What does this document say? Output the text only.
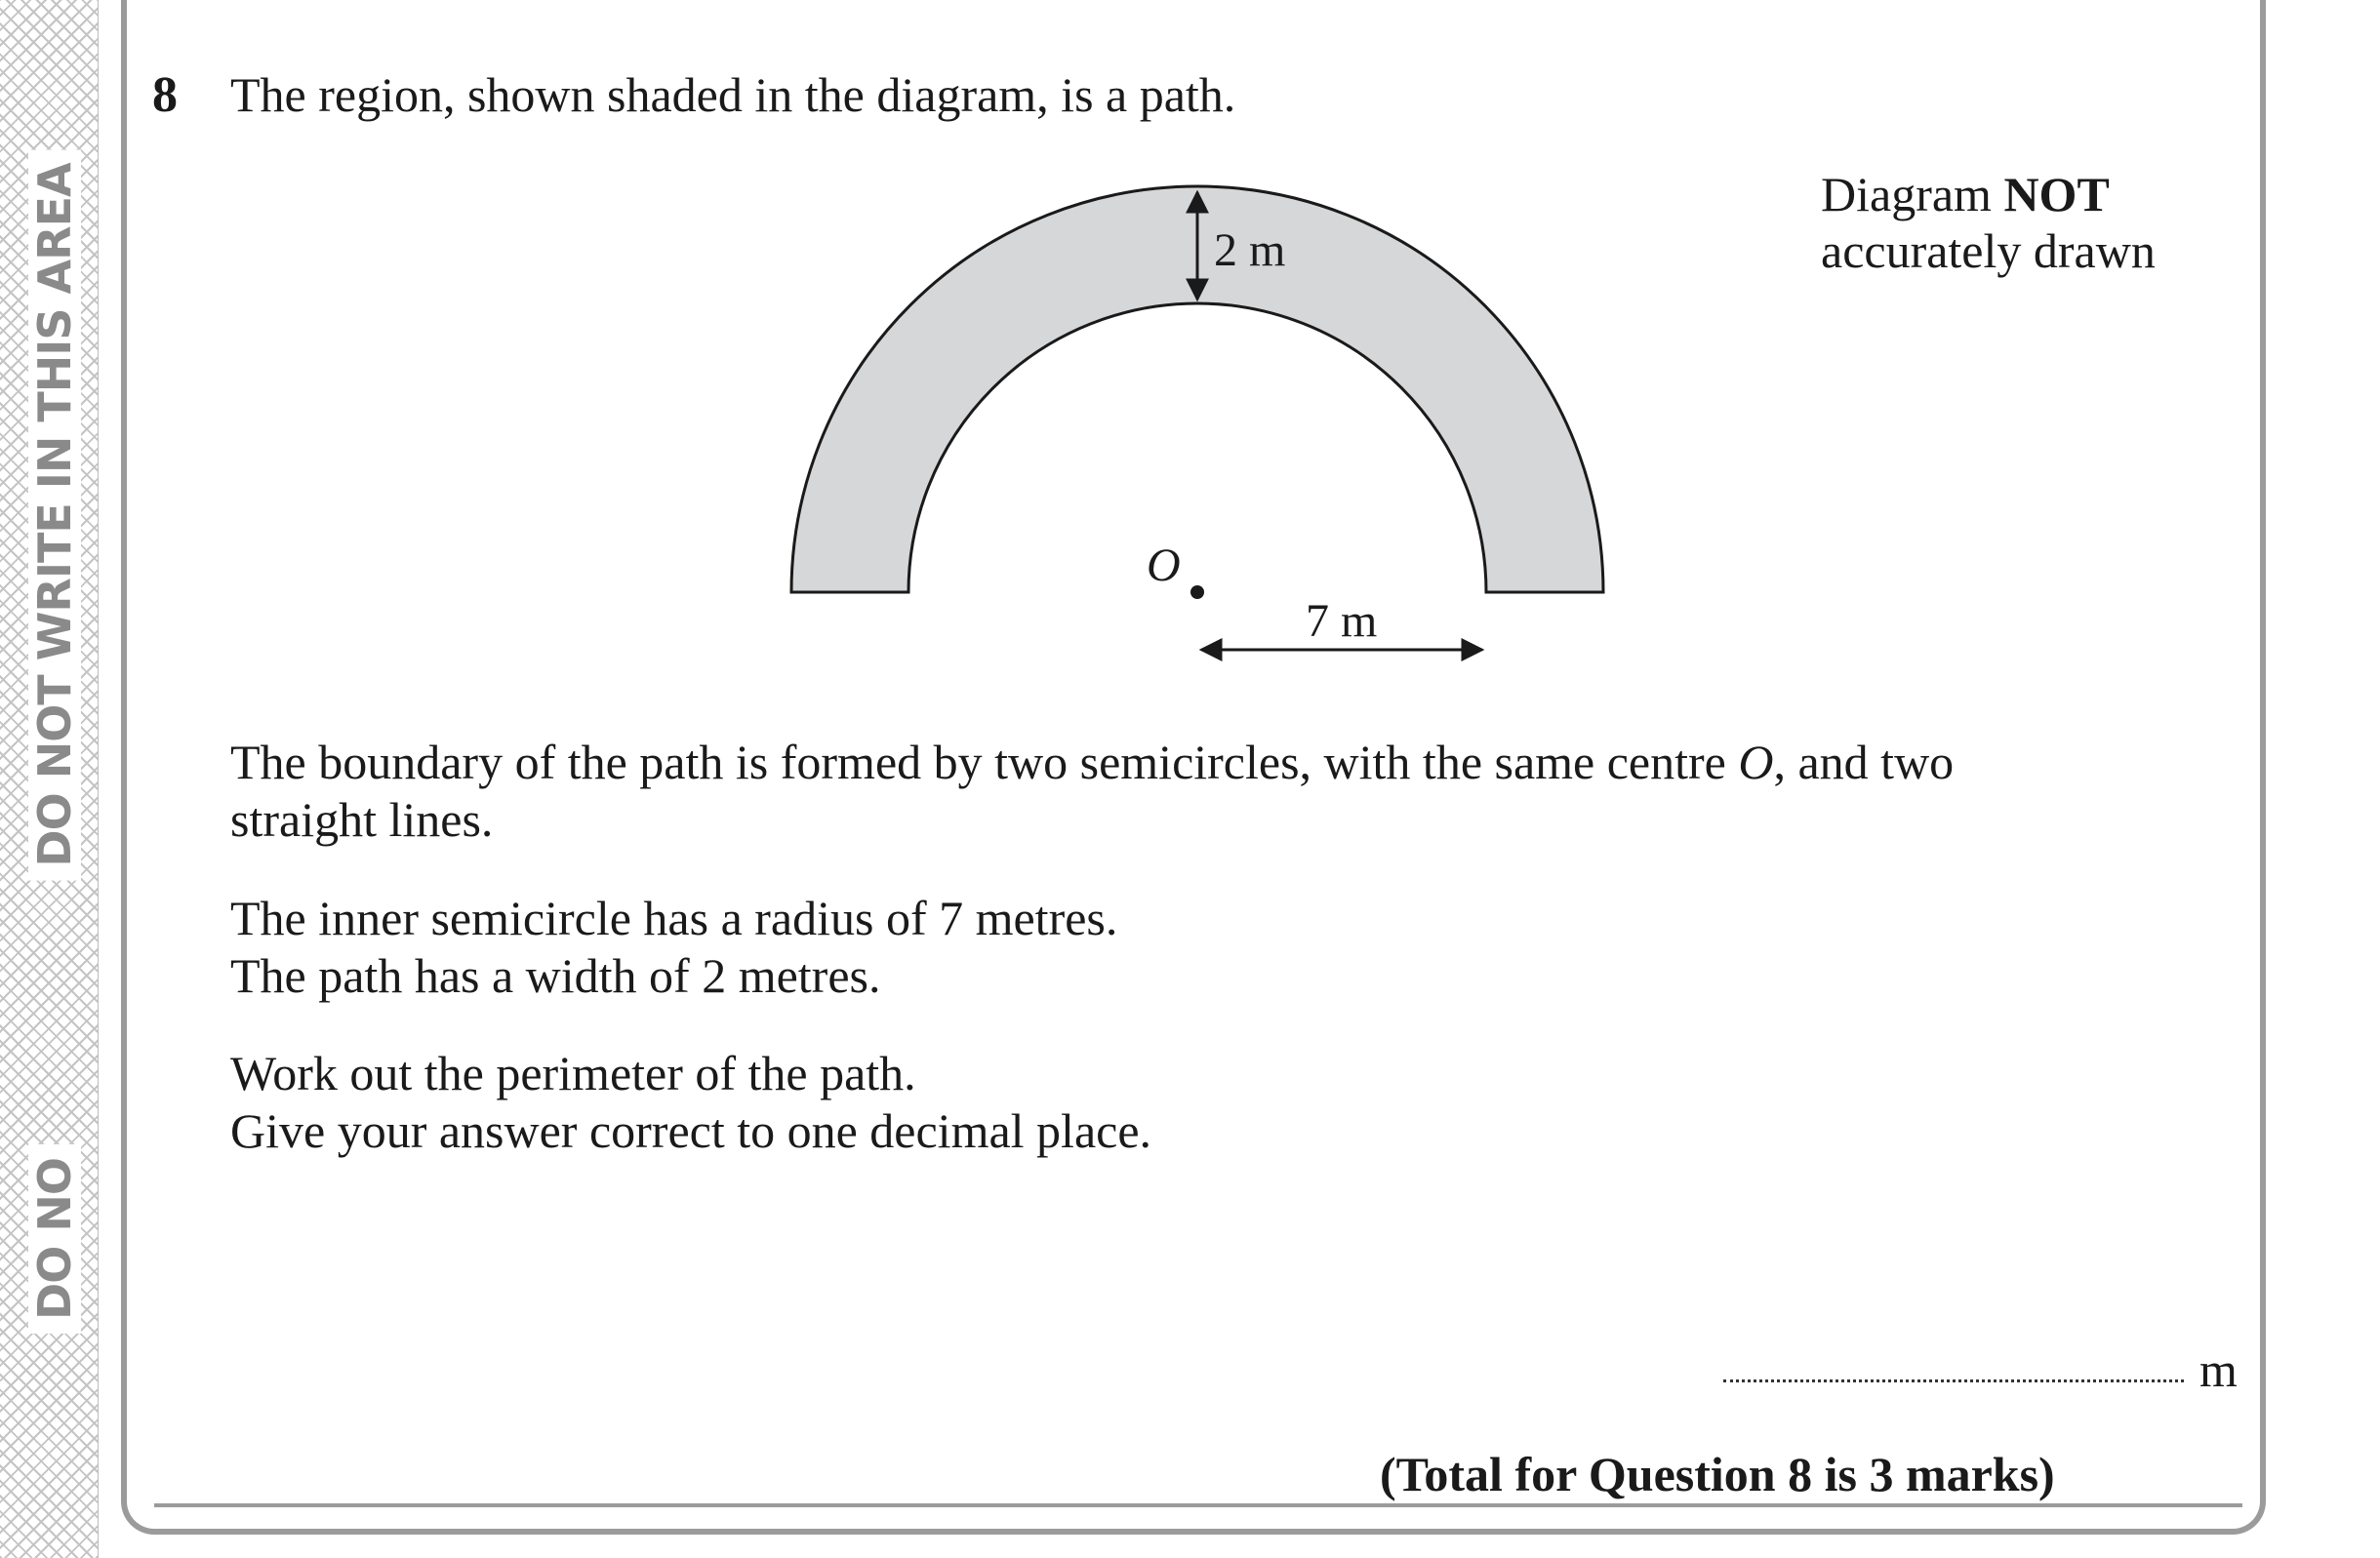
DO NOT WRITE IN THIS AREA
DO NO
8 The region, shown shaded in the diagram, is a path.
Diagram NOT
accurately drawn
2 m
7 m
O
The boundary of the path is formed by two semicircles, with the same centre O, and two
straight lines.
The inner semicircle has a radius of 7 metres.
The path has a width of 2 metres.
Work out the perimeter of the path.
Give your answer correct to one decimal place.
m
(Total for Question 8 is 3 marks)
